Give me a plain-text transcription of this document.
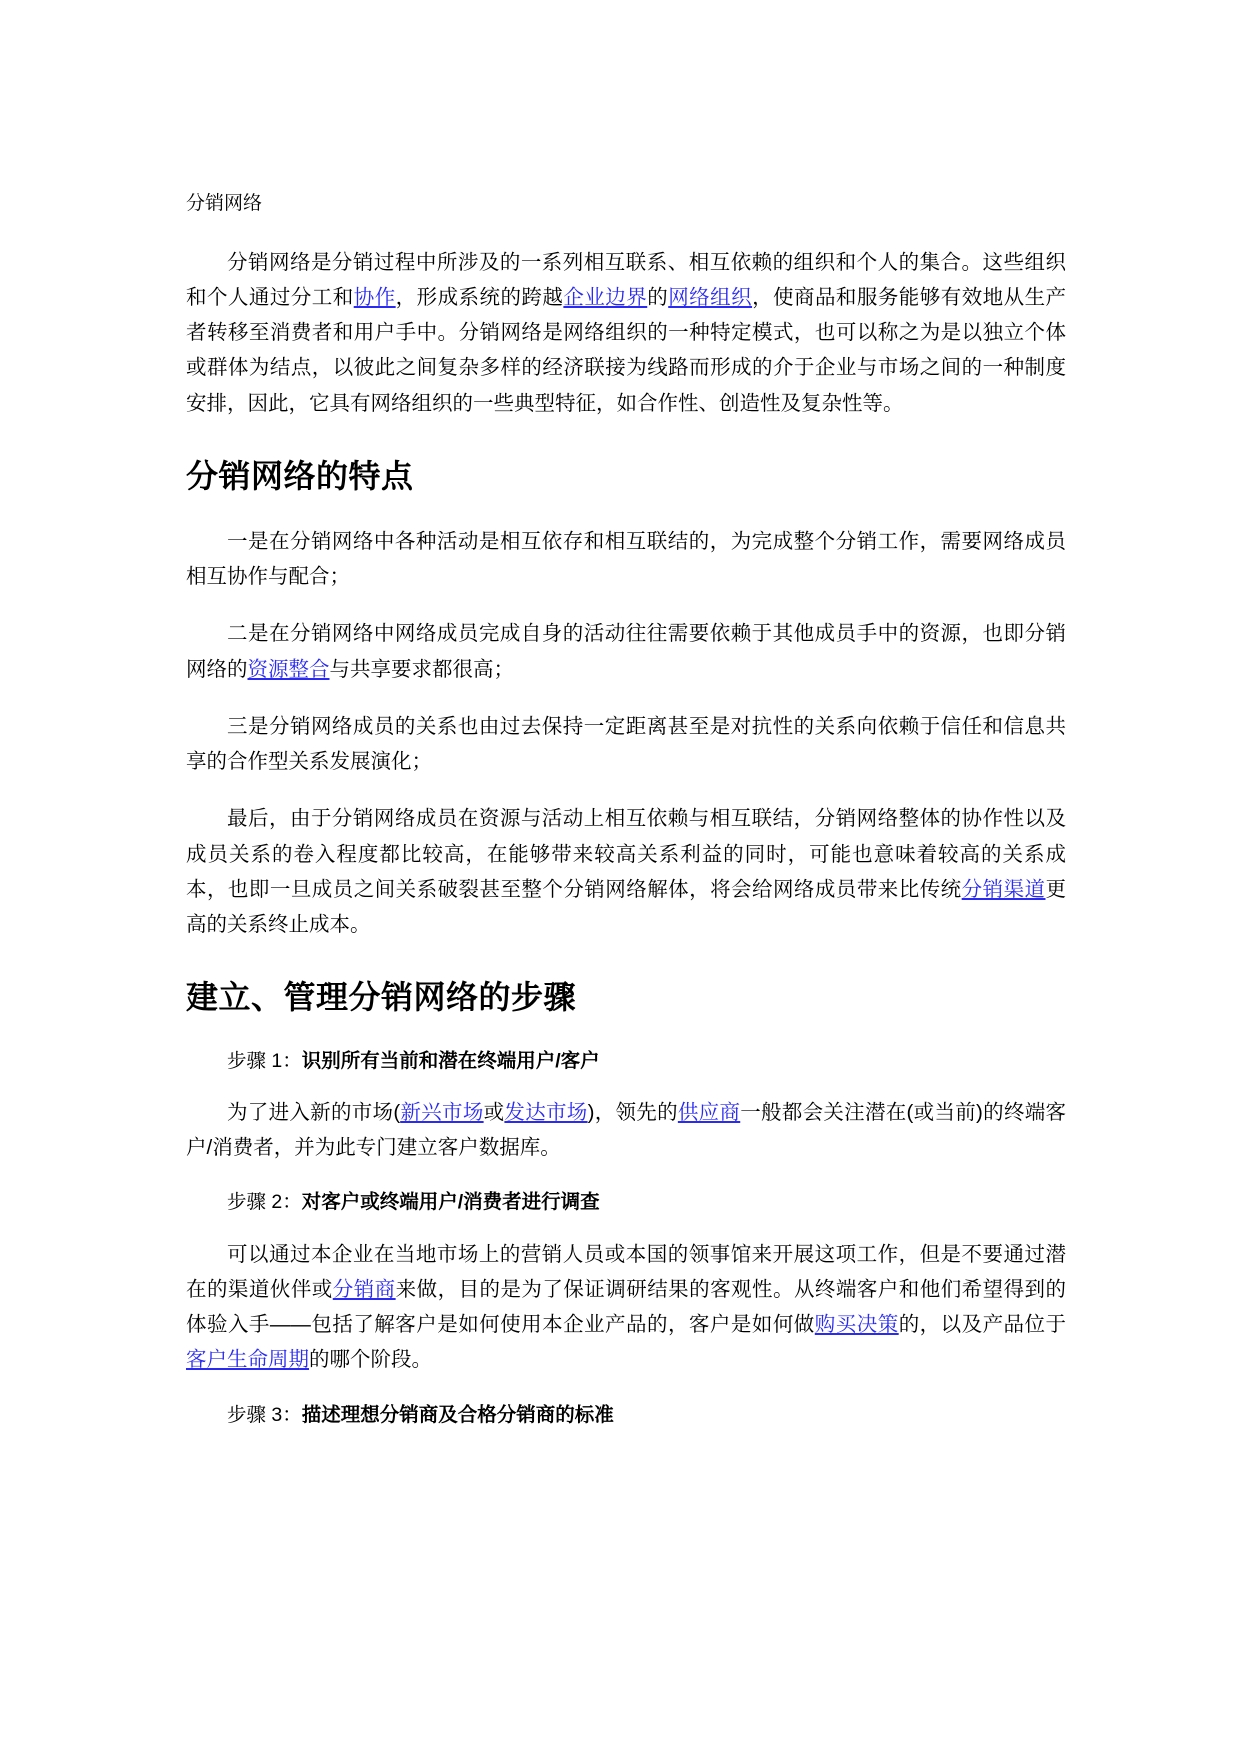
分销网络

分销网络是分销过程中所涉及的一系列相互联系、相互依赖的组织和个人的集合。这些组织和个人通过分工和协作，形成系统的跨越企业边界的网络组织，使商品和服务能够有效地从生产者转移至消费者和用户手中。分销网络是网络组织的一种特定模式，也可以称之为是以独立个体或群体为结点，以彼此之间复杂多样的经济联接为线路而形成的介于企业与市场之间的一种制度安排，因此，它具有网络组织的一些典型特征，如合作性、创造性及复杂性等。

分销网络的特点

一是在分销网络中各种活动是相互依存和相互联结的，为完成整个分销工作，需要网络成员相互协作与配合；

二是在分销网络中网络成员完成自身的活动往往需要依赖于其他成员手中的资源，也即分销网络的资源整合与共享要求都很高；

三是分销网络成员的关系也由过去保持一定距离甚至是对抗性的关系向依赖于信任和信息共享的合作型关系发展演化；

最后，由于分销网络成员在资源与活动上相互依赖与相互联结，分销网络整体的协作性以及成员关系的卷入程度都比较高，在能够带来较高关系利益的同时，可能也意味着较高的关系成本，也即一旦成员之间关系破裂甚至整个分销网络解体，将会给网络成员带来比传统分销渠道更高的关系终止成本。

建立、管理分销网络的步骤

步骤 1：识别所有当前和潜在终端用户/客户

为了进入新的市场(新兴市场或发达市场)，领先的供应商一般都会关注潜在(或当前)的终端客户/消费者，并为此专门建立客户数据库。

步骤 2：对客户或终端用户/消费者进行调查

可以通过本企业在当地市场上的营销人员或本国的领事馆来开展这项工作，但是不要通过潜在的渠道伙伴或分销商来做，目的是为了保证调研结果的客观性。从终端客户和他们希望得到的体验入手——包括了解客户是如何使用本企业产品的，客户是如何做购买决策的，以及产品位于客户生命周期的哪个阶段。

步骤 3：描述理想分销商及合格分销商的标准
